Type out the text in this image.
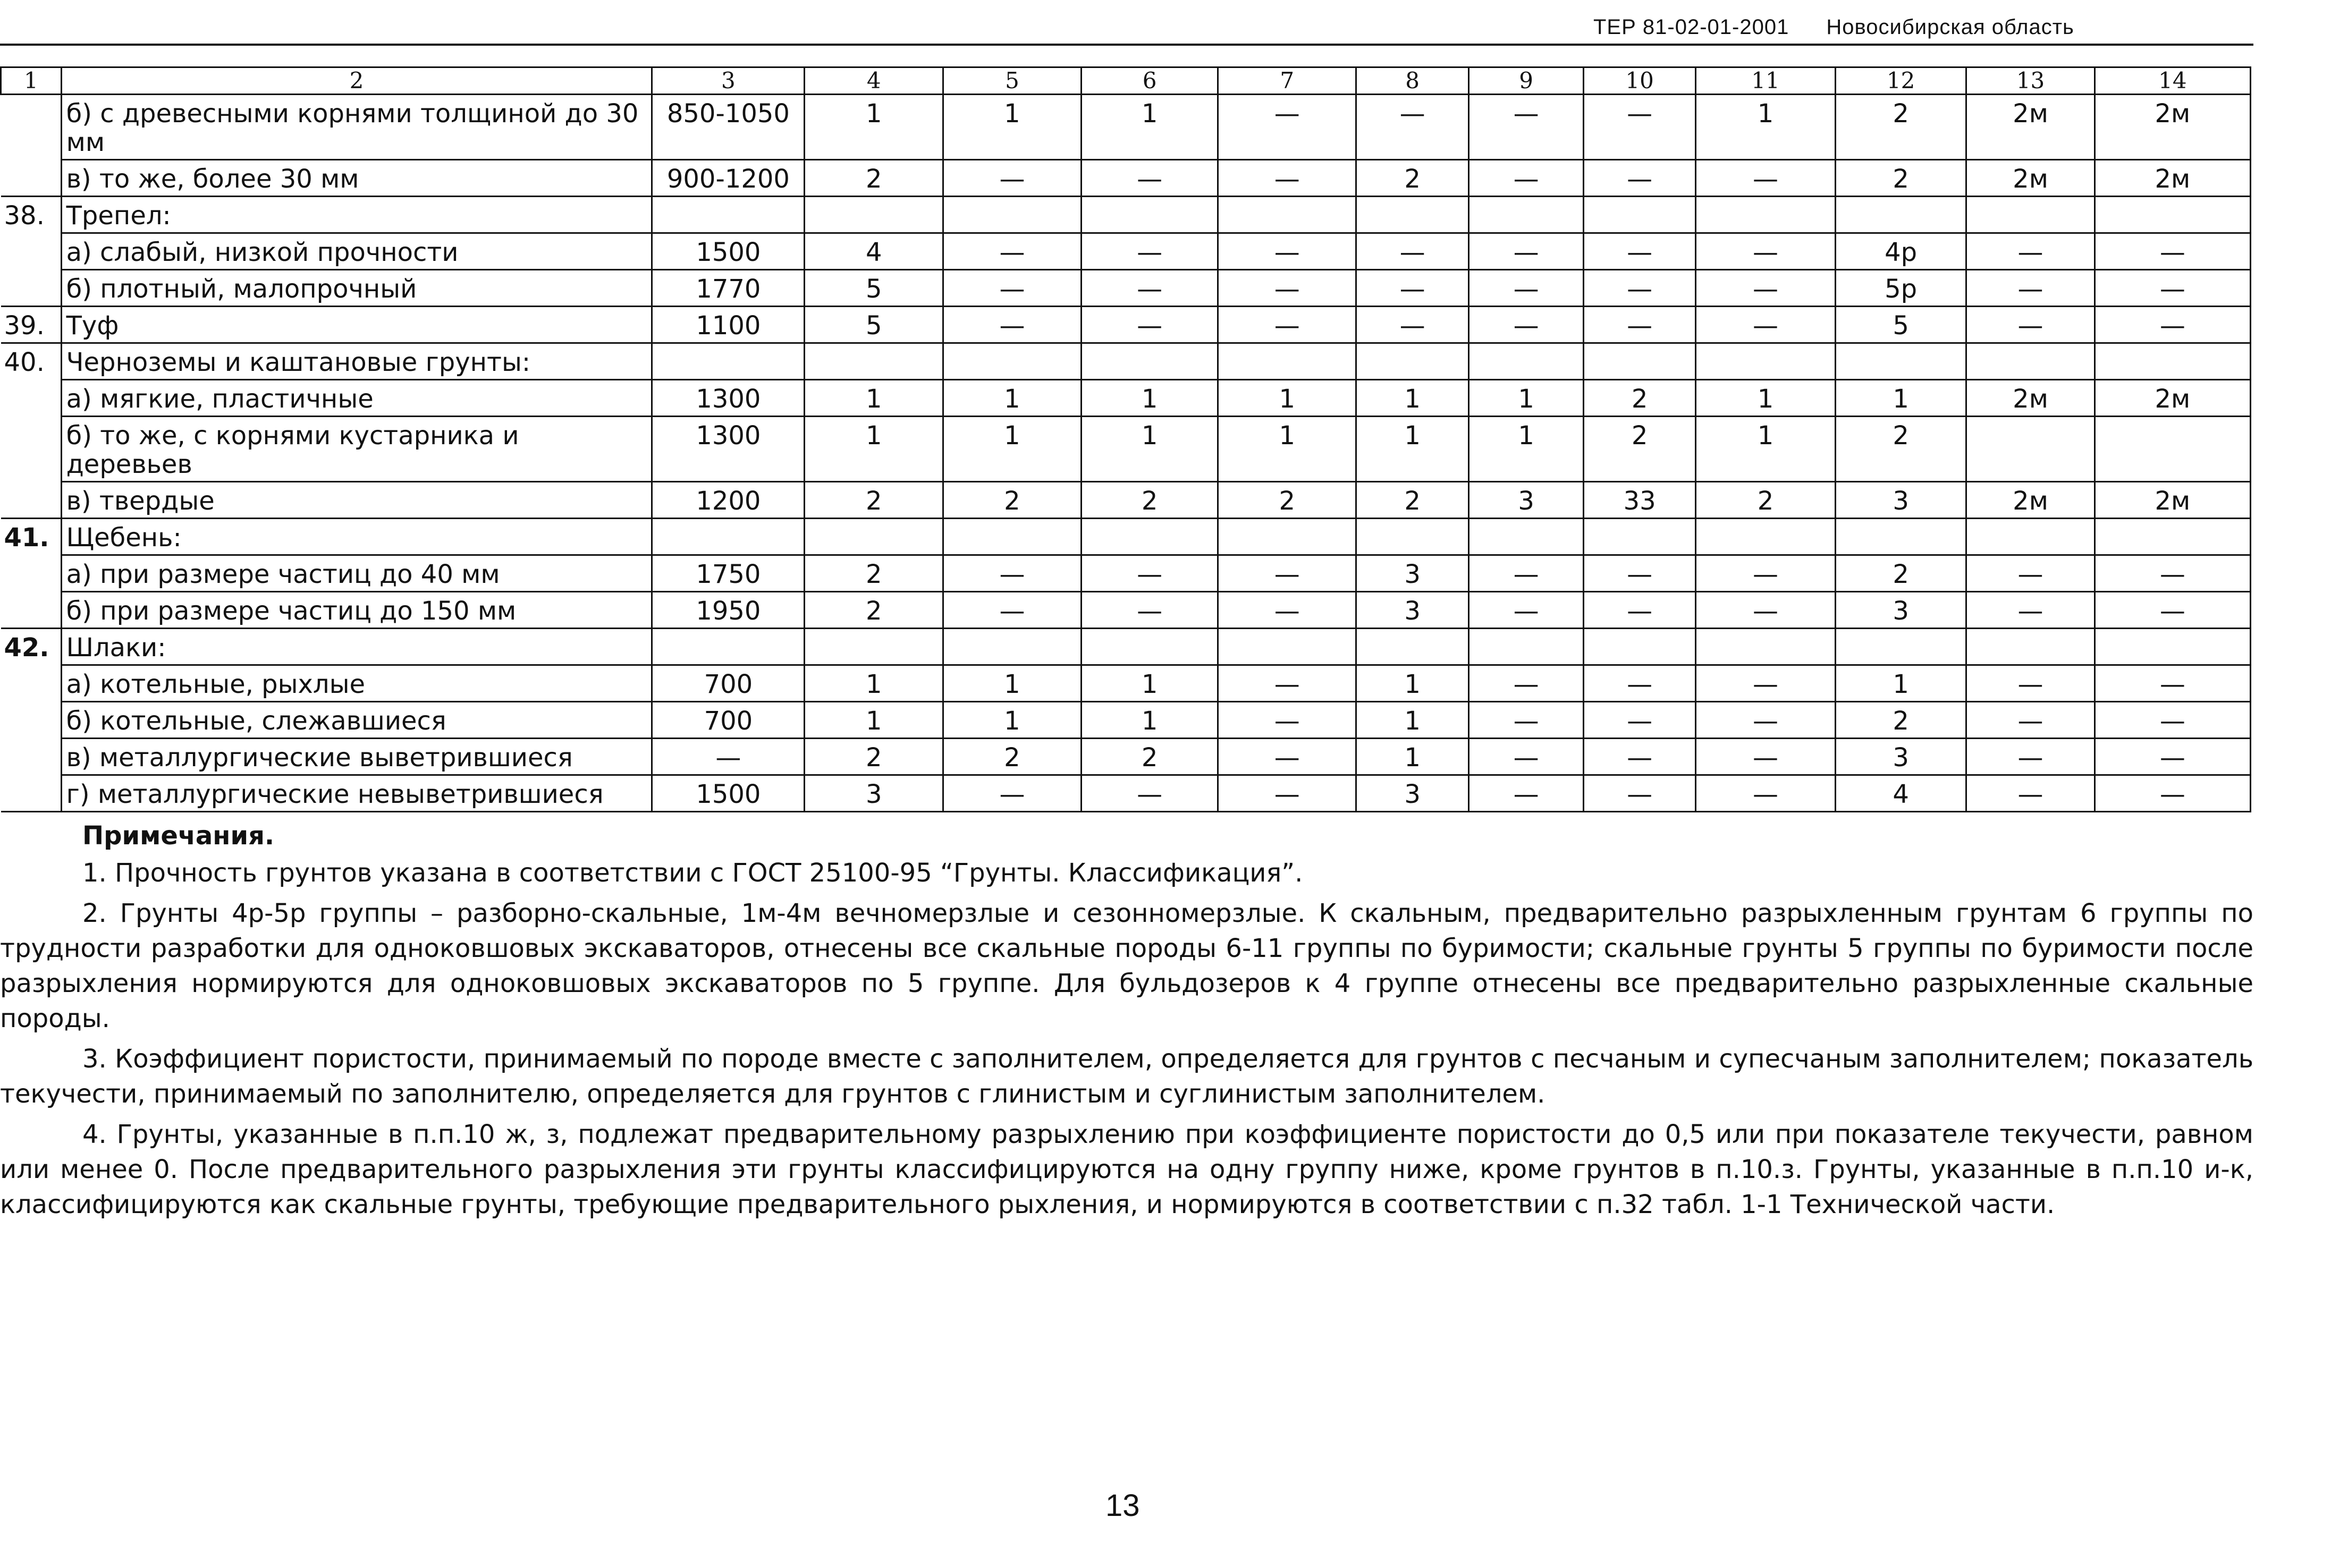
ТЕР 81-02-01-2001 Новосибирская область
1	2	3	4	5	6	7	8	9	10	11	12	13	14
	б) с древесными корнями толщиной до 30 мм	850-1050	1	1	1	—	—	—	—	1	2	2м	2м
	в) то же, более 30 мм	900-1200	2	—	—	—	2	—	—	—	2	2м	2м
38.	Трепел:												
	а) слабый, низкой прочности	1500	4	—	—	—	—	—	—	—	4р	—	—
	б) плотный, малопрочный	1770	5	—	—	—	—	—	—	—	5р	—	—
39.	Туф	1100	5	—	—	—	—	—	—	—	5	—	—
40.	Черноземы и каштановые грунты:												
	а) мягкие, пластичные	1300	1	1	1	1	1	1	2	1	1	2м	2м
	б) то же, с корнями кустарника и деревьев	1300	1	1	1	1	1	1	2	1	2		
	в) твердые	1200	2	2	2	2	2	3	33	2	3	2м	2м
41.	Щебень:												
	а) при размере частиц до 40 мм	1750	2	—	—	—	3	—	—	—	2	—	—
	б) при размере частиц до 150 мм	1950	2	—	—	—	3	—	—	—	3	—	—
42.	Шлаки:												
	а) котельные, рыхлые	700	1	1	1	—	1	—	—	—	1	—	—
	б) котельные, слежавшиеся	700	1	1	1	—	1	—	—	—	2	—	—
	в) металлургические выветрившиеся	—	2	2	2	—	1	—	—	—	3	—	—
	г) металлургические невыветрившиеся	1500	3	—	—	—	3	—	—	—	4	—	—
Примечания.

1. Прочность грунтов указана в соответствии с ГОСТ 25100-95 “Грунты. Классификация”.

2. Грунты 4р-5р группы – разборно-скальные, 1м-4м вечномерзлые и сезонномерзлые. К скальным, предварительно разрыхленным грунтам 6 группы по трудности разработки для одноковшовых экскаваторов, отнесены все скальные породы 6-11 группы по буримости; скальные грунты 5 группы по буримости после разрыхления нормируются для одноковшовых экскаваторов по 5 группе. Для бульдозеров к 4 группе отнесены все предварительно разрыхленные скальные породы.

3. Коэффициент пористости, принимаемый по породе вместе с заполнителем, определяется для грунтов с песчаным и супесчаным заполнителем; показатель текучести, принимаемый по заполнителю, определяется для грунтов с глинистым и суглинистым заполнителем.

4. Грунты, указанные в п.п.10 ж, з, подлежат предварительному разрыхлению при коэффициенте пористости до 0,5 или при показателе текучести, равном или менее 0. После предварительного разрыхления эти грунты классифицируются на одну группу ниже, кроме грунтов в п.10.з. Грунты, указанные в п.п.10 и-к, классифицируются как скальные грунты, требующие предварительного рыхления, и нормируются в соответствии с п.32 табл. 1-1 Технической части.

13
